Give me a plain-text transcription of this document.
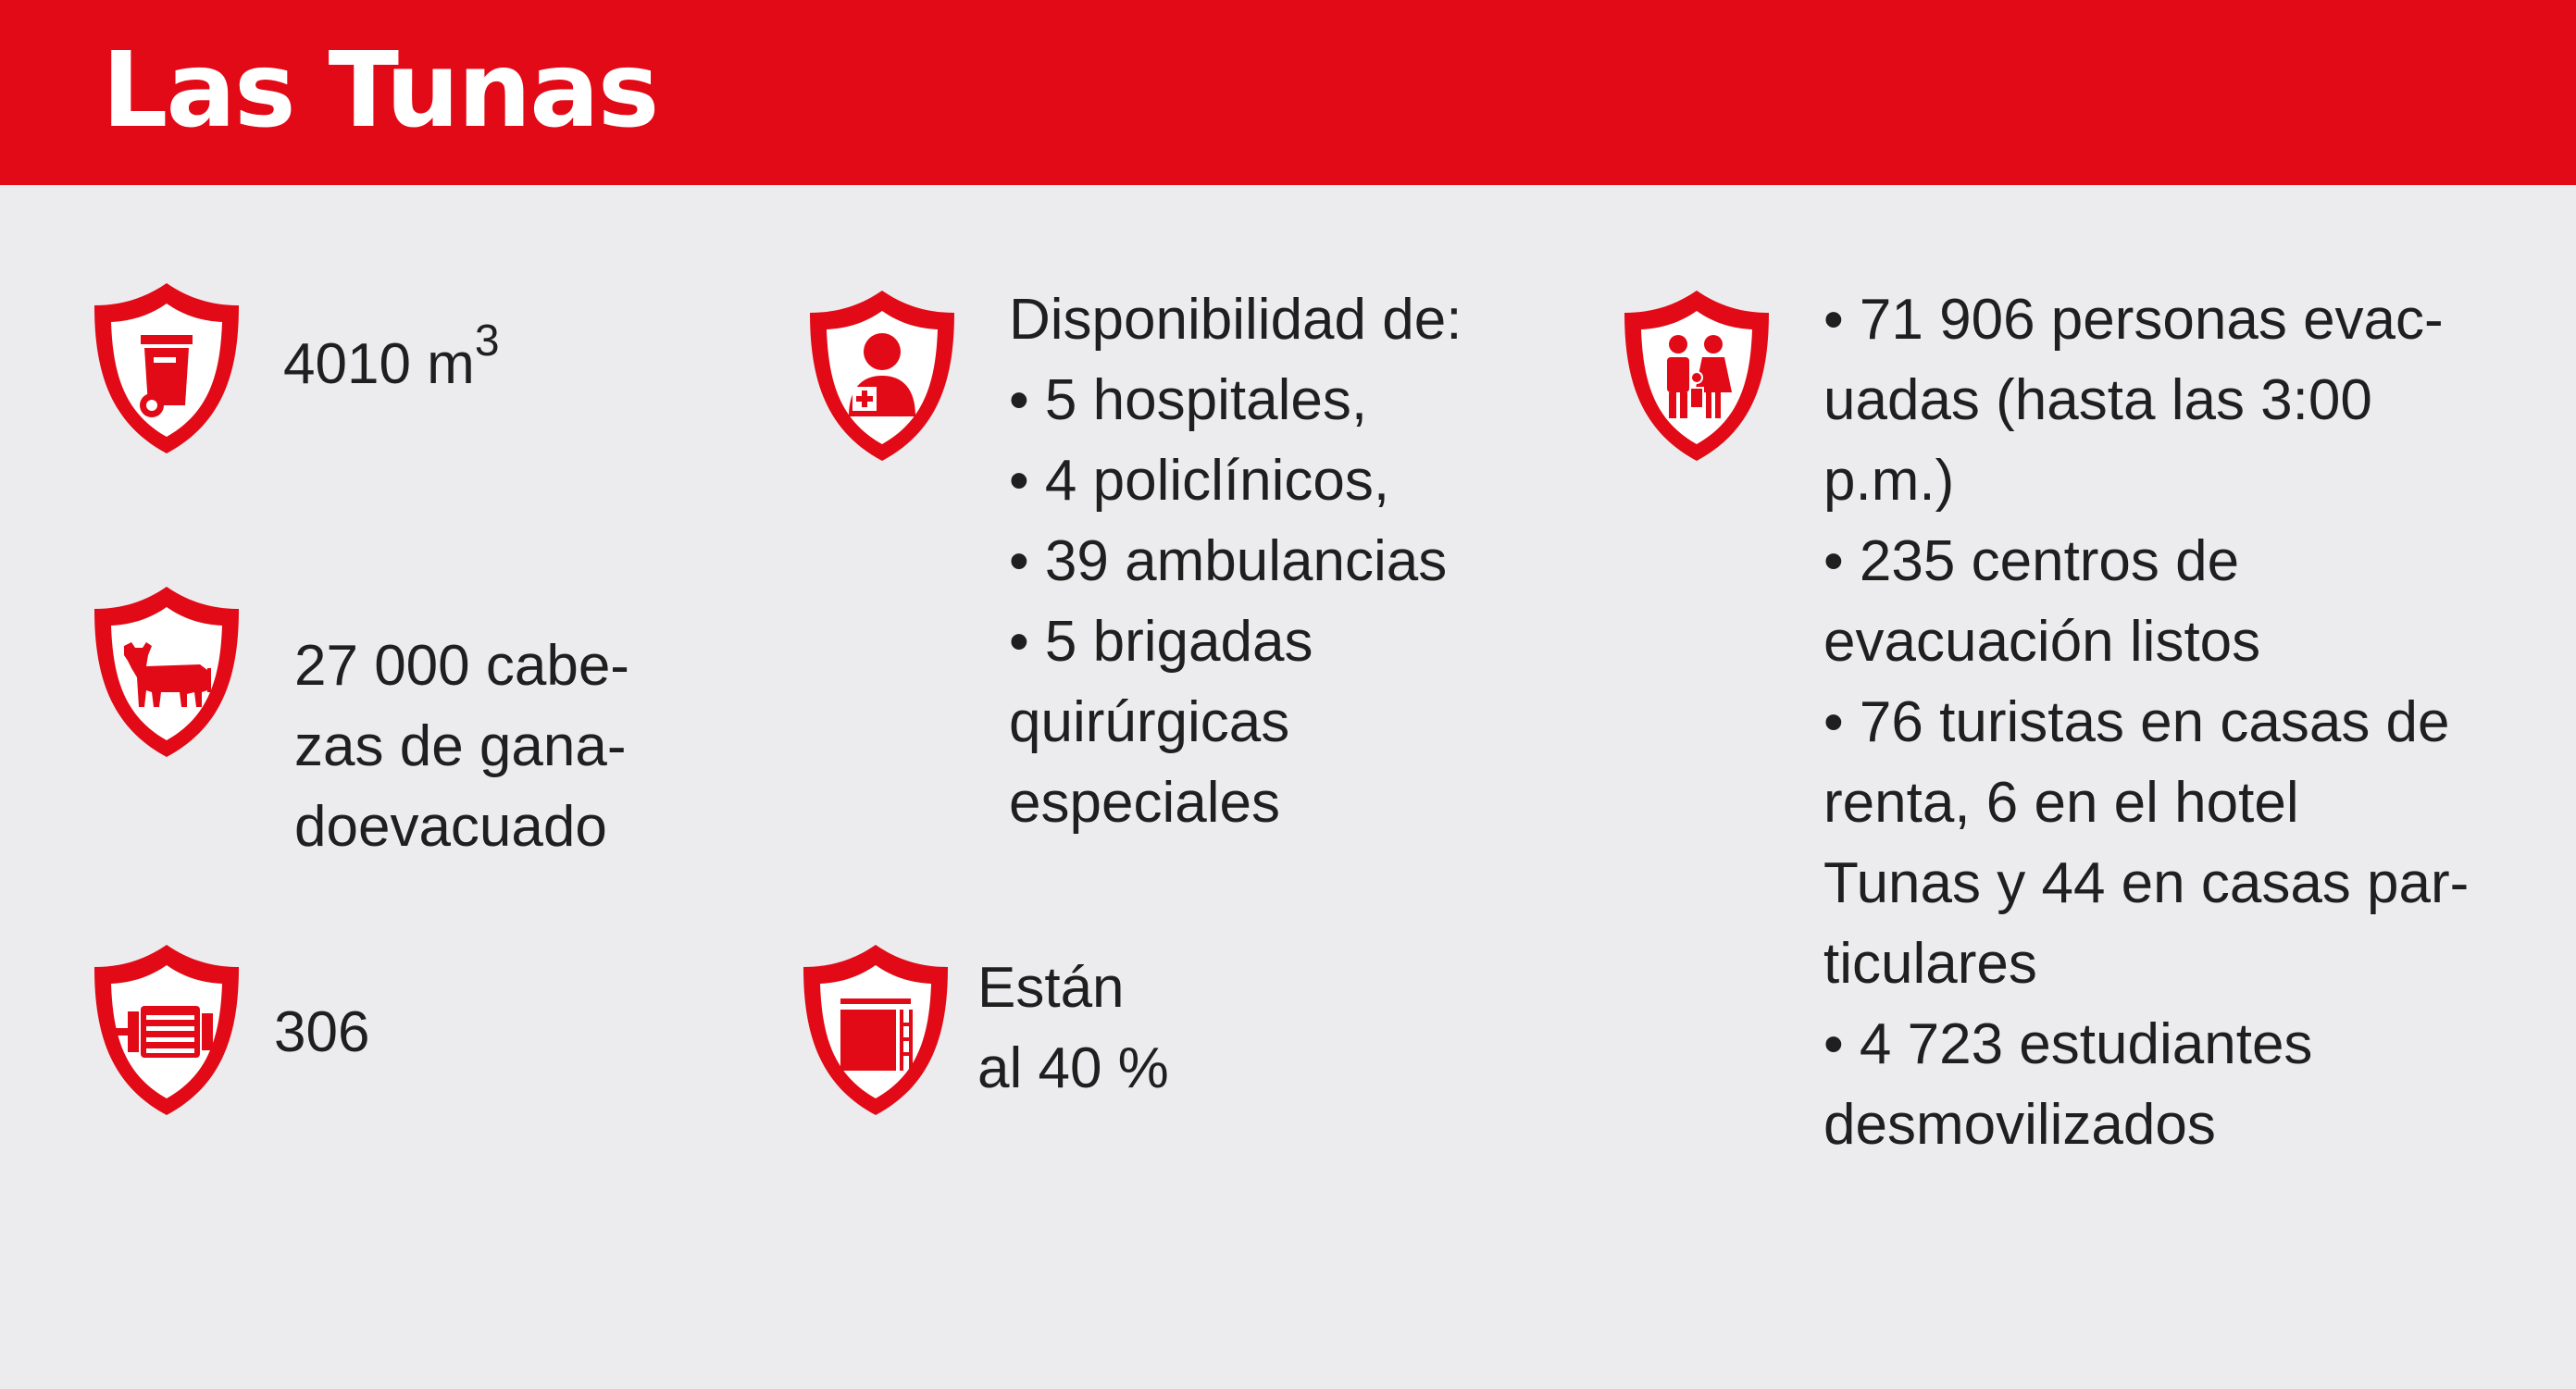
Las Tunas
4010 $m^3$
27 000 cabe-
zas de gana-
doevacuado
306
Disponibilidad de:
• 5 hospitales,
• 4 policlínicos,
• 39 ambulancias
• 5 brigadas
quirúrgicas
especiales
Están
al 40 %
• 71 906 personas evac-
uadas (hasta las 3:00
p.m.)
• 235 centros de
evacuación listos
• 76 turistas en casas de
renta, 6 en el hotel
Tunas y 44 en casas par-
ticulares
• 4 723 estudiantes
desmovilizados
